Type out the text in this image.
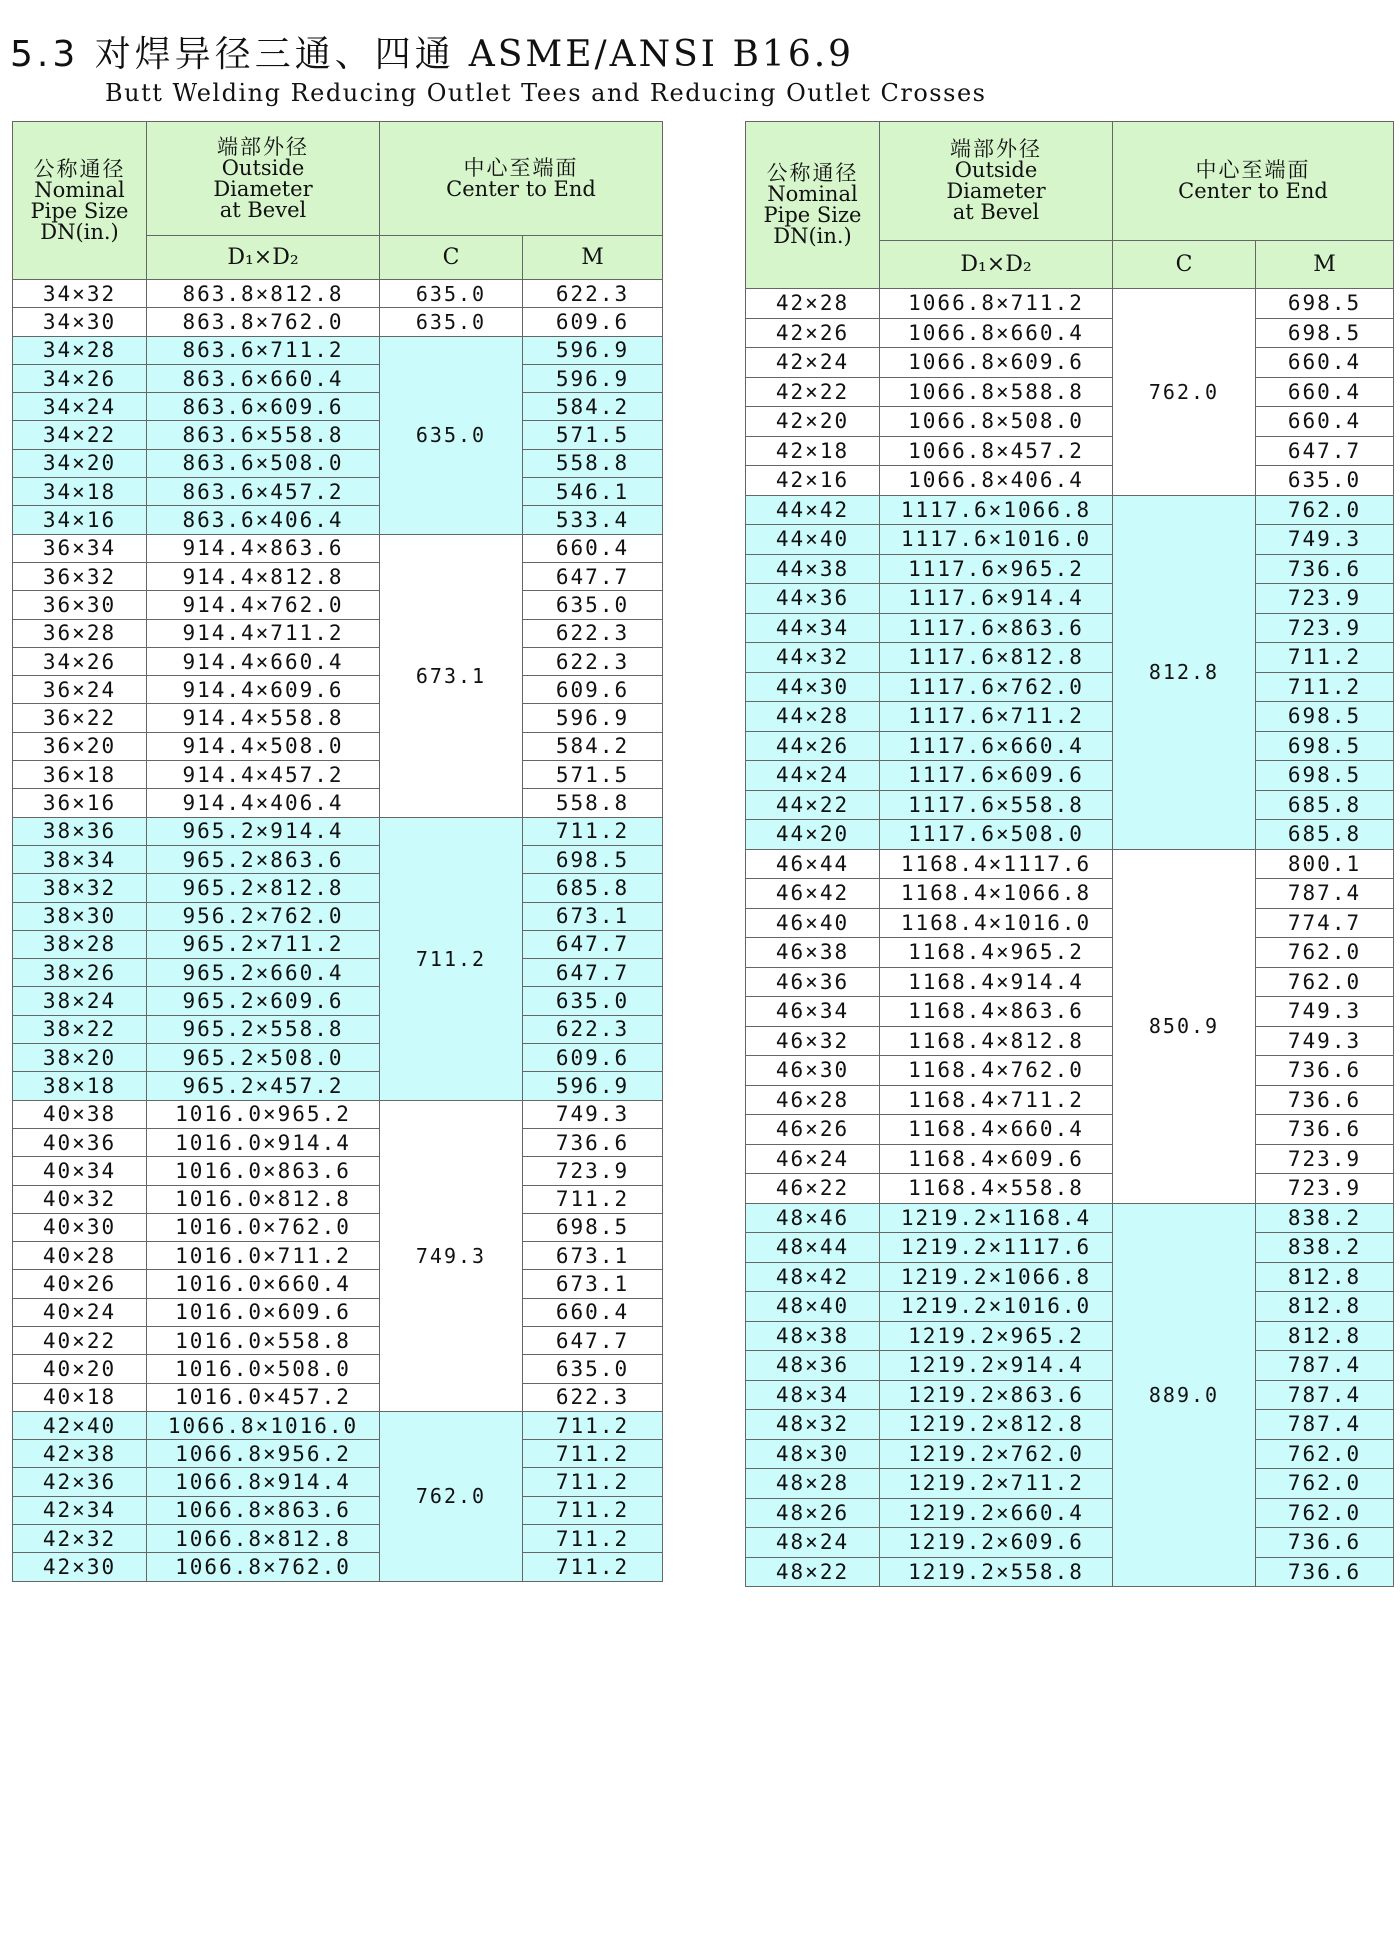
5.3 对焊异径三通、四通 ASME/ANSI B16.9
Butt Welding Reducing Outlet Tees and Reducing Outlet Crosses
公称通径
Nominal
Pipe Size
DN(in.)	端部外径
Outside
Diameter
at Bevel	中心至端面
Center to End	

	D₁×D₂	C	M
34×32	863.8×812.8	635.0	622.3
34×30	863.8×762.0	635.0	609.6
34×28	863.6×711.2	635.0	596.9
34×26	863.6×660.4		596.9
34×24	863.6×609.6		584.2
34×22	863.6×558.8		571.5
34×20	863.6×508.0		558.8
34×18	863.6×457.2		546.1
34×16	863.6×406.4		533.4
36×34	914.4×863.6	673.1	660.4
36×32	914.4×812.8		647.7
36×30	914.4×762.0		635.0
36×28	914.4×711.2		622.3
34×26	914.4×660.4		622.3
36×24	914.4×609.6		609.6
36×22	914.4×558.8		596.9
36×20	914.4×508.0		584.2
36×18	914.4×457.2		571.5
36×16	914.4×406.4		558.8
38×36	965.2×914.4	711.2	711.2
38×34	965.2×863.6		698.5
38×32	965.2×812.8		685.8
38×30	956.2×762.0		673.1
38×28	965.2×711.2		647.7
38×26	965.2×660.4		647.7
38×24	965.2×609.6		635.0
38×22	965.2×558.8		622.3
38×20	965.2×508.0		609.6
38×18	965.2×457.2		596.9
40×38	1016.0×965.2	749.3	749.3
40×36	1016.0×914.4		736.6
40×34	1016.0×863.6		723.9
40×32	1016.0×812.8		711.2
40×30	1016.0×762.0		698.5
40×28	1016.0×711.2		673.1
40×26	1016.0×660.4		673.1
40×24	1016.0×609.6		660.4
40×22	1016.0×558.8		647.7
40×20	1016.0×508.0		635.0
40×18	1016.0×457.2		622.3
42×40	1066.8×1016.0	762.0	711.2
42×38	1066.8×956.2		711.2
42×36	1066.8×914.4		711.2
42×34	1066.8×863.6		711.2
42×32	1066.8×812.8		711.2
42×30	1066.8×762.0		711.2
公称通径
Nominal
Pipe Size
DN(in.)	端部外径
Outside
Diameter
at Bevel	中心至端面
Center to End	

	D₁×D₂	C	M
42×28	1066.8×711.2	762.0	698.5
42×26	1066.8×660.4		698.5
42×24	1066.8×609.6		660.4
42×22	1066.8×588.8		660.4
42×20	1066.8×508.0		660.4
42×18	1066.8×457.2		647.7
42×16	1066.8×406.4		635.0
44×42	1117.6×1066.8	812.8	762.0
44×40	1117.6×1016.0		749.3
44×38	1117.6×965.2		736.6
44×36	1117.6×914.4		723.9
44×34	1117.6×863.6		723.9
44×32	1117.6×812.8		711.2
44×30	1117.6×762.0		711.2
44×28	1117.6×711.2		698.5
44×26	1117.6×660.4		698.5
44×24	1117.6×609.6		698.5
44×22	1117.6×558.8		685.8
44×20	1117.6×508.0		685.8
46×44	1168.4×1117.6	850.9	800.1
46×42	1168.4×1066.8		787.4
46×40	1168.4×1016.0		774.7
46×38	1168.4×965.2		762.0
46×36	1168.4×914.4		762.0
46×34	1168.4×863.6		749.3
46×32	1168.4×812.8		749.3
46×30	1168.4×762.0		736.6
46×28	1168.4×711.2		736.6
46×26	1168.4×660.4		736.6
46×24	1168.4×609.6		723.9
46×22	1168.4×558.8		723.9
48×46	1219.2×1168.4	889.0	838.2
48×44	1219.2×1117.6		838.2
48×42	1219.2×1066.8		812.8
48×40	1219.2×1016.0		812.8
48×38	1219.2×965.2		812.8
48×36	1219.2×914.4		787.4
48×34	1219.2×863.6		787.4
48×32	1219.2×812.8		787.4
48×30	1219.2×762.0		762.0
48×28	1219.2×711.2		762.0
48×26	1219.2×660.4		762.0
48×24	1219.2×609.6		736.6
48×22	1219.2×558.8		736.6
